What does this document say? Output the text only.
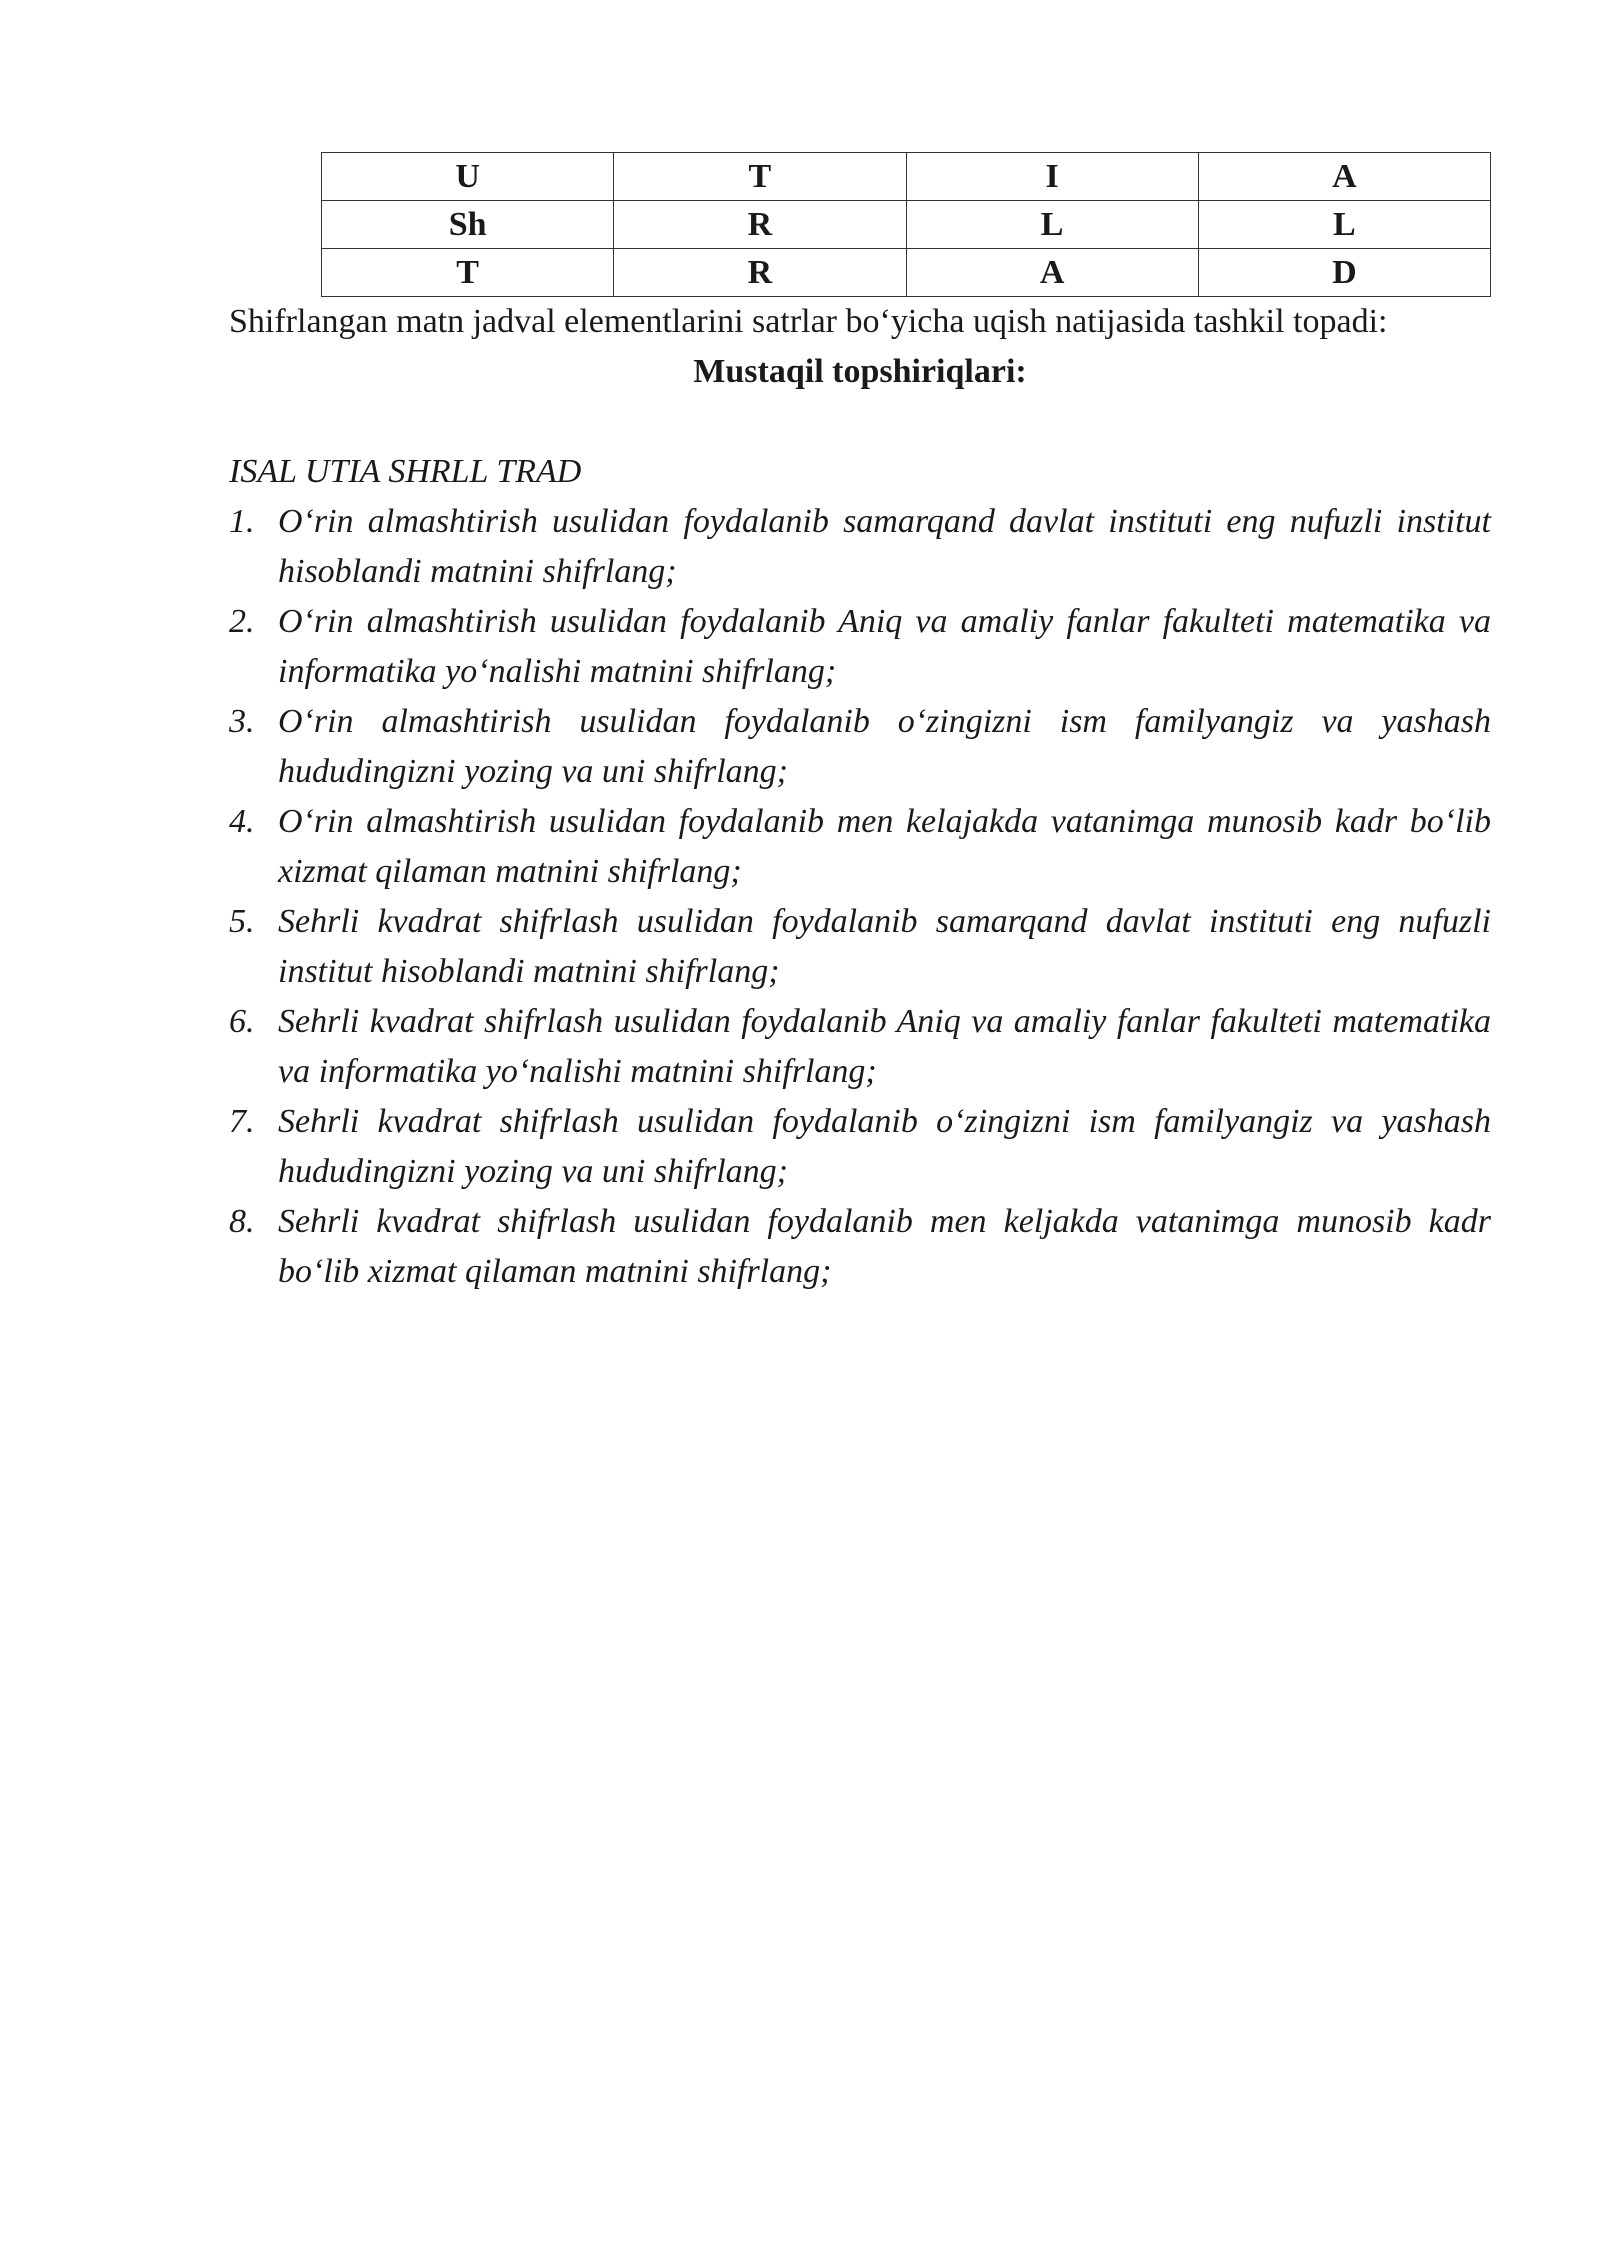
U	T	I	A
Sh	R	L	L
T	R	A	D

Shifrlangan matn jadval elementlarini satrlar bo‘yicha uqish natijasida tashkil topadi:

Mustaqil topshiriqlari:

ISAL UTIA SHRLL TRAD

1. O‘rin almashtirish usulidan foydalanib samarqand davlat instituti eng nufuzli institut hisoblandi matnini shifrlang;
2. O‘rin almashtirish usulidan foydalanib Aniq va amaliy fanlar fakulteti matematika va informatika yo‘nalishi matnini shifrlang;
3. O‘rin almashtirish usulidan foydalanib o‘zingizni ism familyangiz va yashash hududingizni yozing va uni shifrlang;
4. O‘rin almashtirish usulidan foydalanib men kelajakda vatanimga munosib kadr bo‘lib xizmat qilaman matnini shifrlang;
5. Sehrli kvadrat shifrlash usulidan foydalanib samarqand davlat instituti eng nufuzli institut hisoblandi matnini shifrlang;
6. Sehrli kvadrat shifrlash usulidan foydalanib Aniq va amaliy fanlar fakulteti matematika va informatika yo‘nalishi matnini shifrlang;
7. Sehrli kvadrat shifrlash usulidan foydalanib o‘zingizni ism familyangiz va yashash hududingizni yozing va uni shifrlang;
8. Sehrli kvadrat shifrlash usulidan foydalanib men keljakda vatanimga munosib kadr bo‘lib xizmat qilaman matnini shifrlang;
